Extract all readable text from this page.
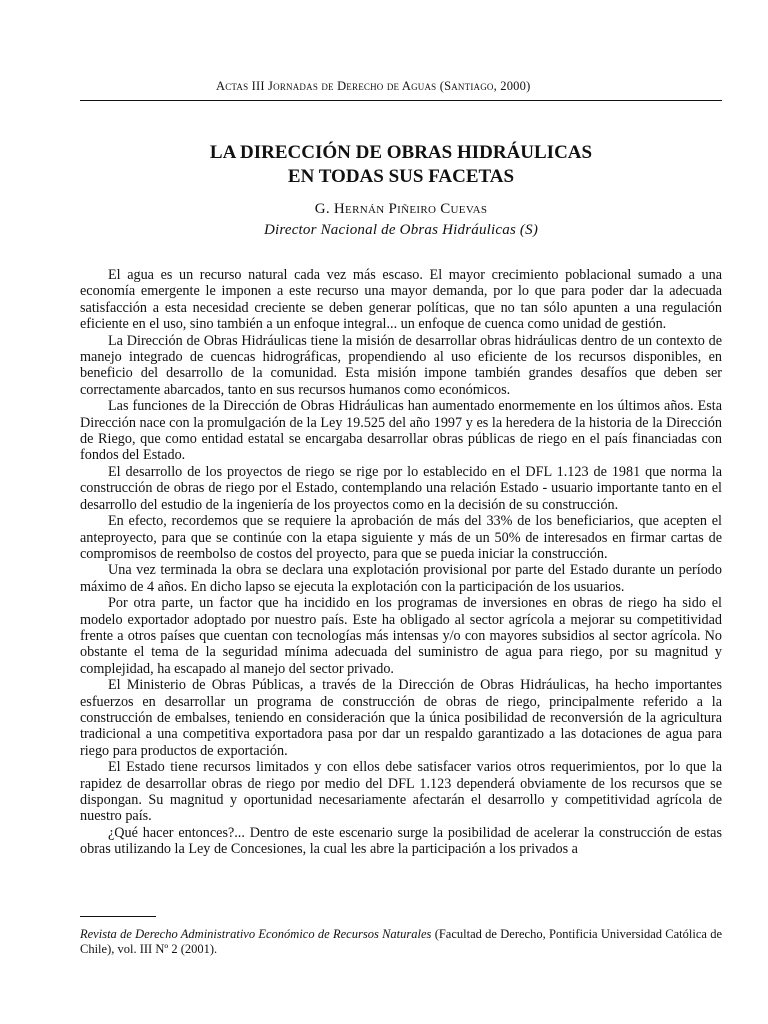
Actas III Jornadas de Derecho de Aguas (Santiago, 2000)
LA DIRECCIÓN DE OBRAS HIDRÁULICAS
EN TODAS SUS FACETAS
G. Hernán Piñeiro Cuevas
Director Nacional de Obras Hidráulicas (S)

El agua es un recurso natural cada vez más escaso. El mayor crecimiento poblacional sumado a una economía emergente le imponen a este recurso una mayor demanda, por lo que para poder dar la adecuada satisfacción a esta necesidad creciente se deben generar políticas, que no tan sólo apunten a una regulación eficiente en el uso, sino también a un enfoque integral... un enfoque de cuenca como unidad de gestión.

La Dirección de Obras Hidráulicas tiene la misión de desarrollar obras hidráulicas dentro de un contexto de manejo integrado de cuencas hidrográficas, propendiendo al uso eficiente de los recursos disponibles, en beneficio del desarrollo de la comunidad. Esta misión impone también grandes desafíos que deben ser correctamente abarcados, tanto en sus recursos humanos como económicos.

Las funciones de la Dirección de Obras Hidráulicas han aumentado enormemente en los últimos años. Esta Dirección nace con la promulgación de la Ley 19.525 del año 1997 y es la heredera de la historia de la Dirección de Riego, que como entidad estatal se encargaba desarrollar obras públicas de riego en el país financiadas con fondos del Estado.

El desarrollo de los proyectos de riego se rige por lo establecido en el DFL 1.123 de 1981 que norma la construcción de obras de riego por el Estado, contemplando una relación Estado - usuario importante tanto en el desarrollo del estudio de la ingeniería de los proyectos como en la decisión de su construcción.

En efecto, recordemos que se requiere la aprobación de más del 33% de los beneficiarios, que acepten el anteproyecto, para que se continúe con la etapa siguiente y más de un 50% de interesados en firmar cartas de compromisos de reembolso de costos del proyecto, para que se pueda iniciar la construcción.

Una vez terminada la obra se declara una explotación provisional por parte del Estado durante un período máximo de 4 años. En dicho lapso se ejecuta la explotación con la participación de los usuarios.

Por otra parte, un factor que ha incidido en los programas de inversiones en obras de riego ha sido el modelo exportador adoptado por nuestro país. Este ha obligado al sector agrícola a mejorar su competitividad frente a otros países que cuentan con tecnologías más intensas y/o con mayores subsidios al sector agrícola. No obstante el tema de la seguridad mínima adecuada del suministro de agua para riego, por su magnitud y complejidad, ha escapado al manejo del sector privado.

El Ministerio de Obras Públicas, a través de la Dirección de Obras Hidráulicas, ha hecho importantes esfuerzos en desarrollar un programa de construcción de obras de riego, principalmente referido a la construcción de embalses, teniendo en consideración que la única posibilidad de reconversión de la agricultura tradicional a una competitiva exportadora pasa por dar un respaldo garantizado a las dotaciones de agua para riego para productos de exportación.

El Estado tiene recursos limitados y con ellos debe satisfacer varios otros requerimientos, por lo que la rapidez de desarrollar obras de riego por medio del DFL 1.123 dependerá obviamente de los recursos que se dispongan. Su magnitud y oportunidad necesariamente afectarán el desarrollo y competitividad agrícola de nuestro país.

¿Qué hacer entonces?... Dentro de este escenario surge la posibilidad de acelerar la construcción de estas obras utilizando la Ley de Concesiones, la cual les abre la participación a los privados a

Revista de Derecho Administrativo Económico de Recursos Naturales (Facultad de Derecho, Pontificia Universidad Católica de Chile), vol. III Nº 2 (2001).
